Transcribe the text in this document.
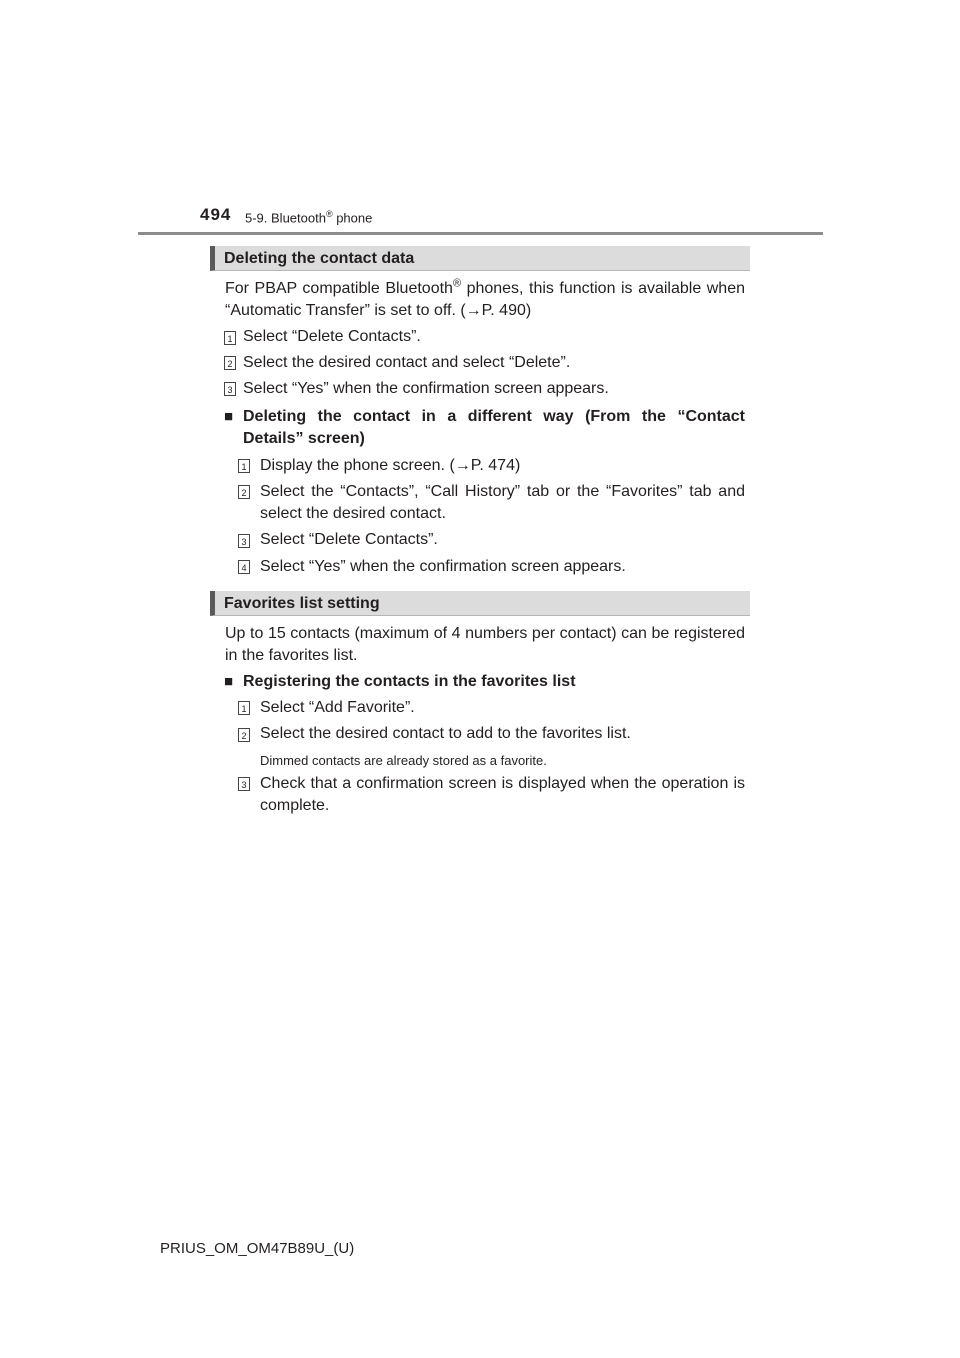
494 5-9. Bluetooth® phone
Deleting the contact data
For PBAP compatible Bluetooth® phones, this function is available when “Automatic Transfer” is set to off. (→P. 490)
1 Select “Delete Contacts”.
2 Select the desired contact and select “Delete”.
3 Select “Yes” when the confirmation screen appears.
■ Deleting the contact in a different way (From the “Contact Details” screen)
1 Display the phone screen. (→P. 474)
2 Select the “Contacts”, “Call History” tab or the “Favorites” tab and select the desired contact.
3 Select “Delete Contacts”.
4 Select “Yes” when the confirmation screen appears.
Favorites list setting
Up to 15 contacts (maximum of 4 numbers per contact) can be registered in the favorites list.
■ Registering the contacts in the favorites list
1 Select “Add Favorite”.
2 Select the desired contact to add to the favorites list.
Dimmed contacts are already stored as a favorite.
3 Check that a confirmation screen is displayed when the operation is complete.
PRIUS_OM_OM47B89U_(U)
